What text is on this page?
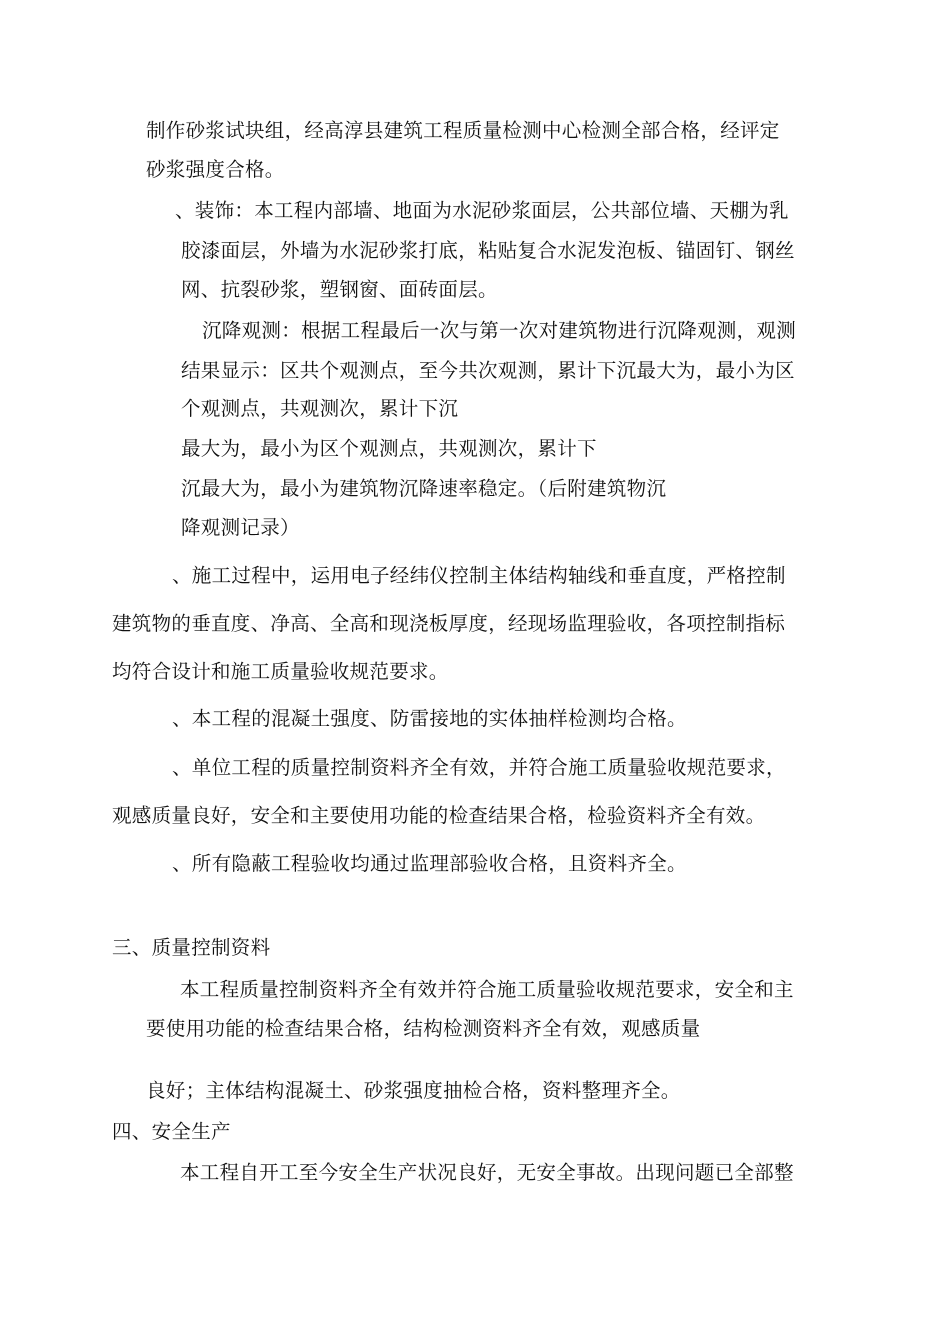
制作砂浆试块组，经高淳县建筑工程质量检测中心检测全部合格，经评定
砂浆强度合格。
、装饰：本工程内部墙、地面为水泥砂浆面层，公共部位墙、天棚为乳
胶漆面层，外墙为水泥砂浆打底，粘贴复合水泥发泡板、锚固钉、钢丝
网、抗裂砂浆，塑钢窗、面砖面层。
沉降观测：根据工程最后一次与第一次对建筑物进行沉降观测，观测
结果显示：区共个观测点，至今共次观测，累计下沉最大为，最小为区
个观测点，共观测次，累计下沉
最大为，最小为区个观测点，共观测次，累计下
沉最大为，最小为建筑物沉降速率稳定。（后附建筑物沉
降观测记录）
、施工过程中，运用电子经纬仪控制主体结构轴线和垂直度，严格控制
建筑物的垂直度、净高、全高和现浇板厚度，经现场监理验收，各项控制指标
均符合设计和施工质量验收规范要求。
、本工程的混凝土强度、防雷接地的实体抽样检测均合格。
、单位工程的质量控制资料齐全有效，并符合施工质量验收规范要求，
观感质量良好，安全和主要使用功能的检查结果合格，检验资料齐全有效。
、所有隐蔽工程验收均通过监理部验收合格，且资料齐全。
三、质量控制资料
本工程质量控制资料齐全有效并符合施工质量验收规范要求，安全和主
要使用功能的检查结果合格，结构检测资料齐全有效，观感质量
良好；主体结构混凝土、砂浆强度抽检合格，资料整理齐全。
四、安全生产
本工程自开工至今安全生产状况良好，无安全事故。出现问题已全部整
